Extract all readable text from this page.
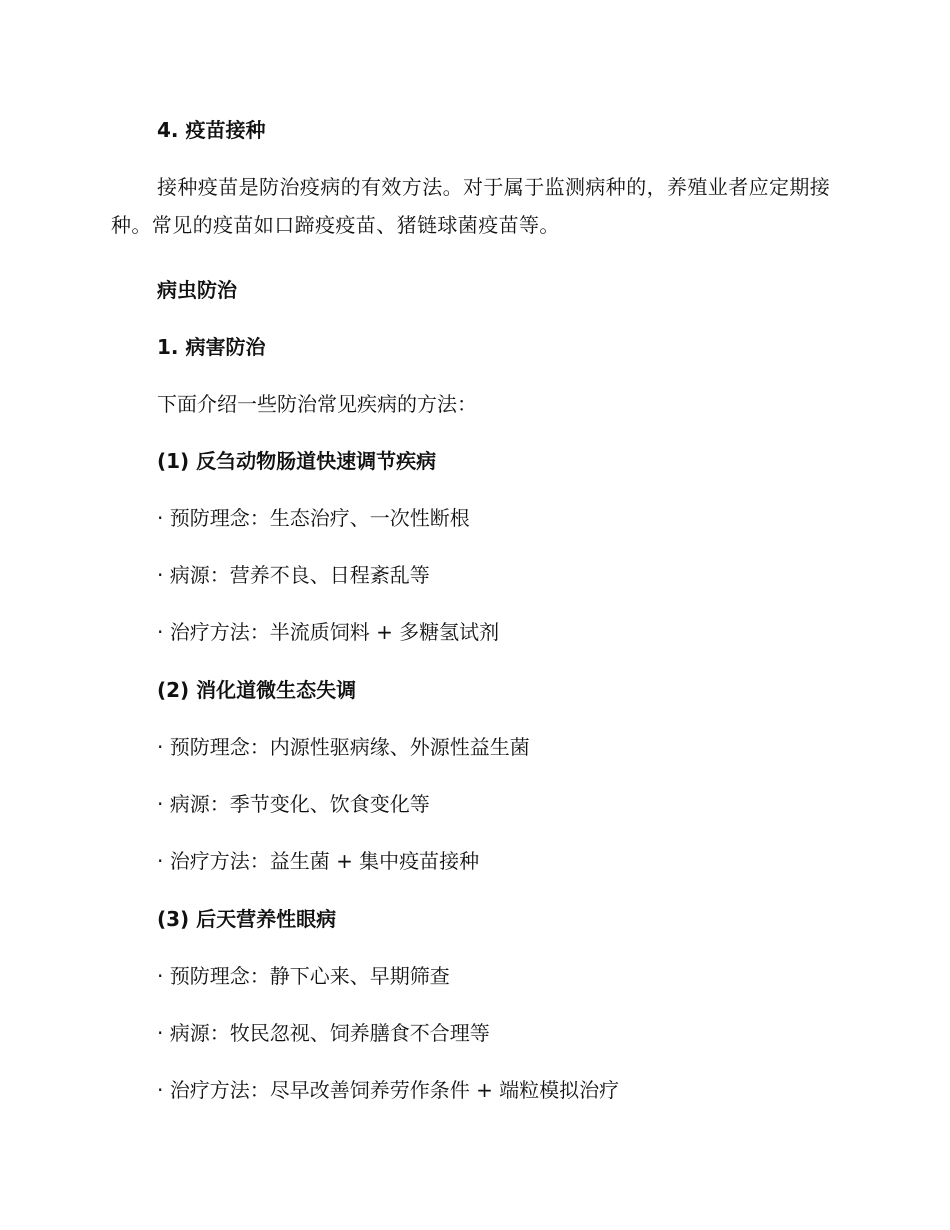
4. 疫苗接种
接种疫苗是防治疫病的有效方法。对于属于监测病种的，养殖业者应定期接种。常见的疫苗如口蹄疫疫苗、猪链球菌疫苗等。
病虫防治
1. 病害防治
下面介绍一些防治常见疾病的方法：
(1) 反刍动物肠道快速调节疾病
· 预防理念：生态治疗、一次性断根
· 病源：营养不良、日程紊乱等
· 治疗方法：半流质饲料 + 多糖氢试剂
(2) 消化道微生态失调
· 预防理念：内源性驱病缘、外源性益生菌
· 病源：季节变化、饮食变化等
· 治疗方法：益生菌 + 集中疫苗接种
(3) 后天营养性眼病
· 预防理念：静下心来、早期筛查
· 病源：牧民忽视、饲养膳食不合理等
· 治疗方法：尽早改善饲养劳作条件 + 端粒模拟治疗
